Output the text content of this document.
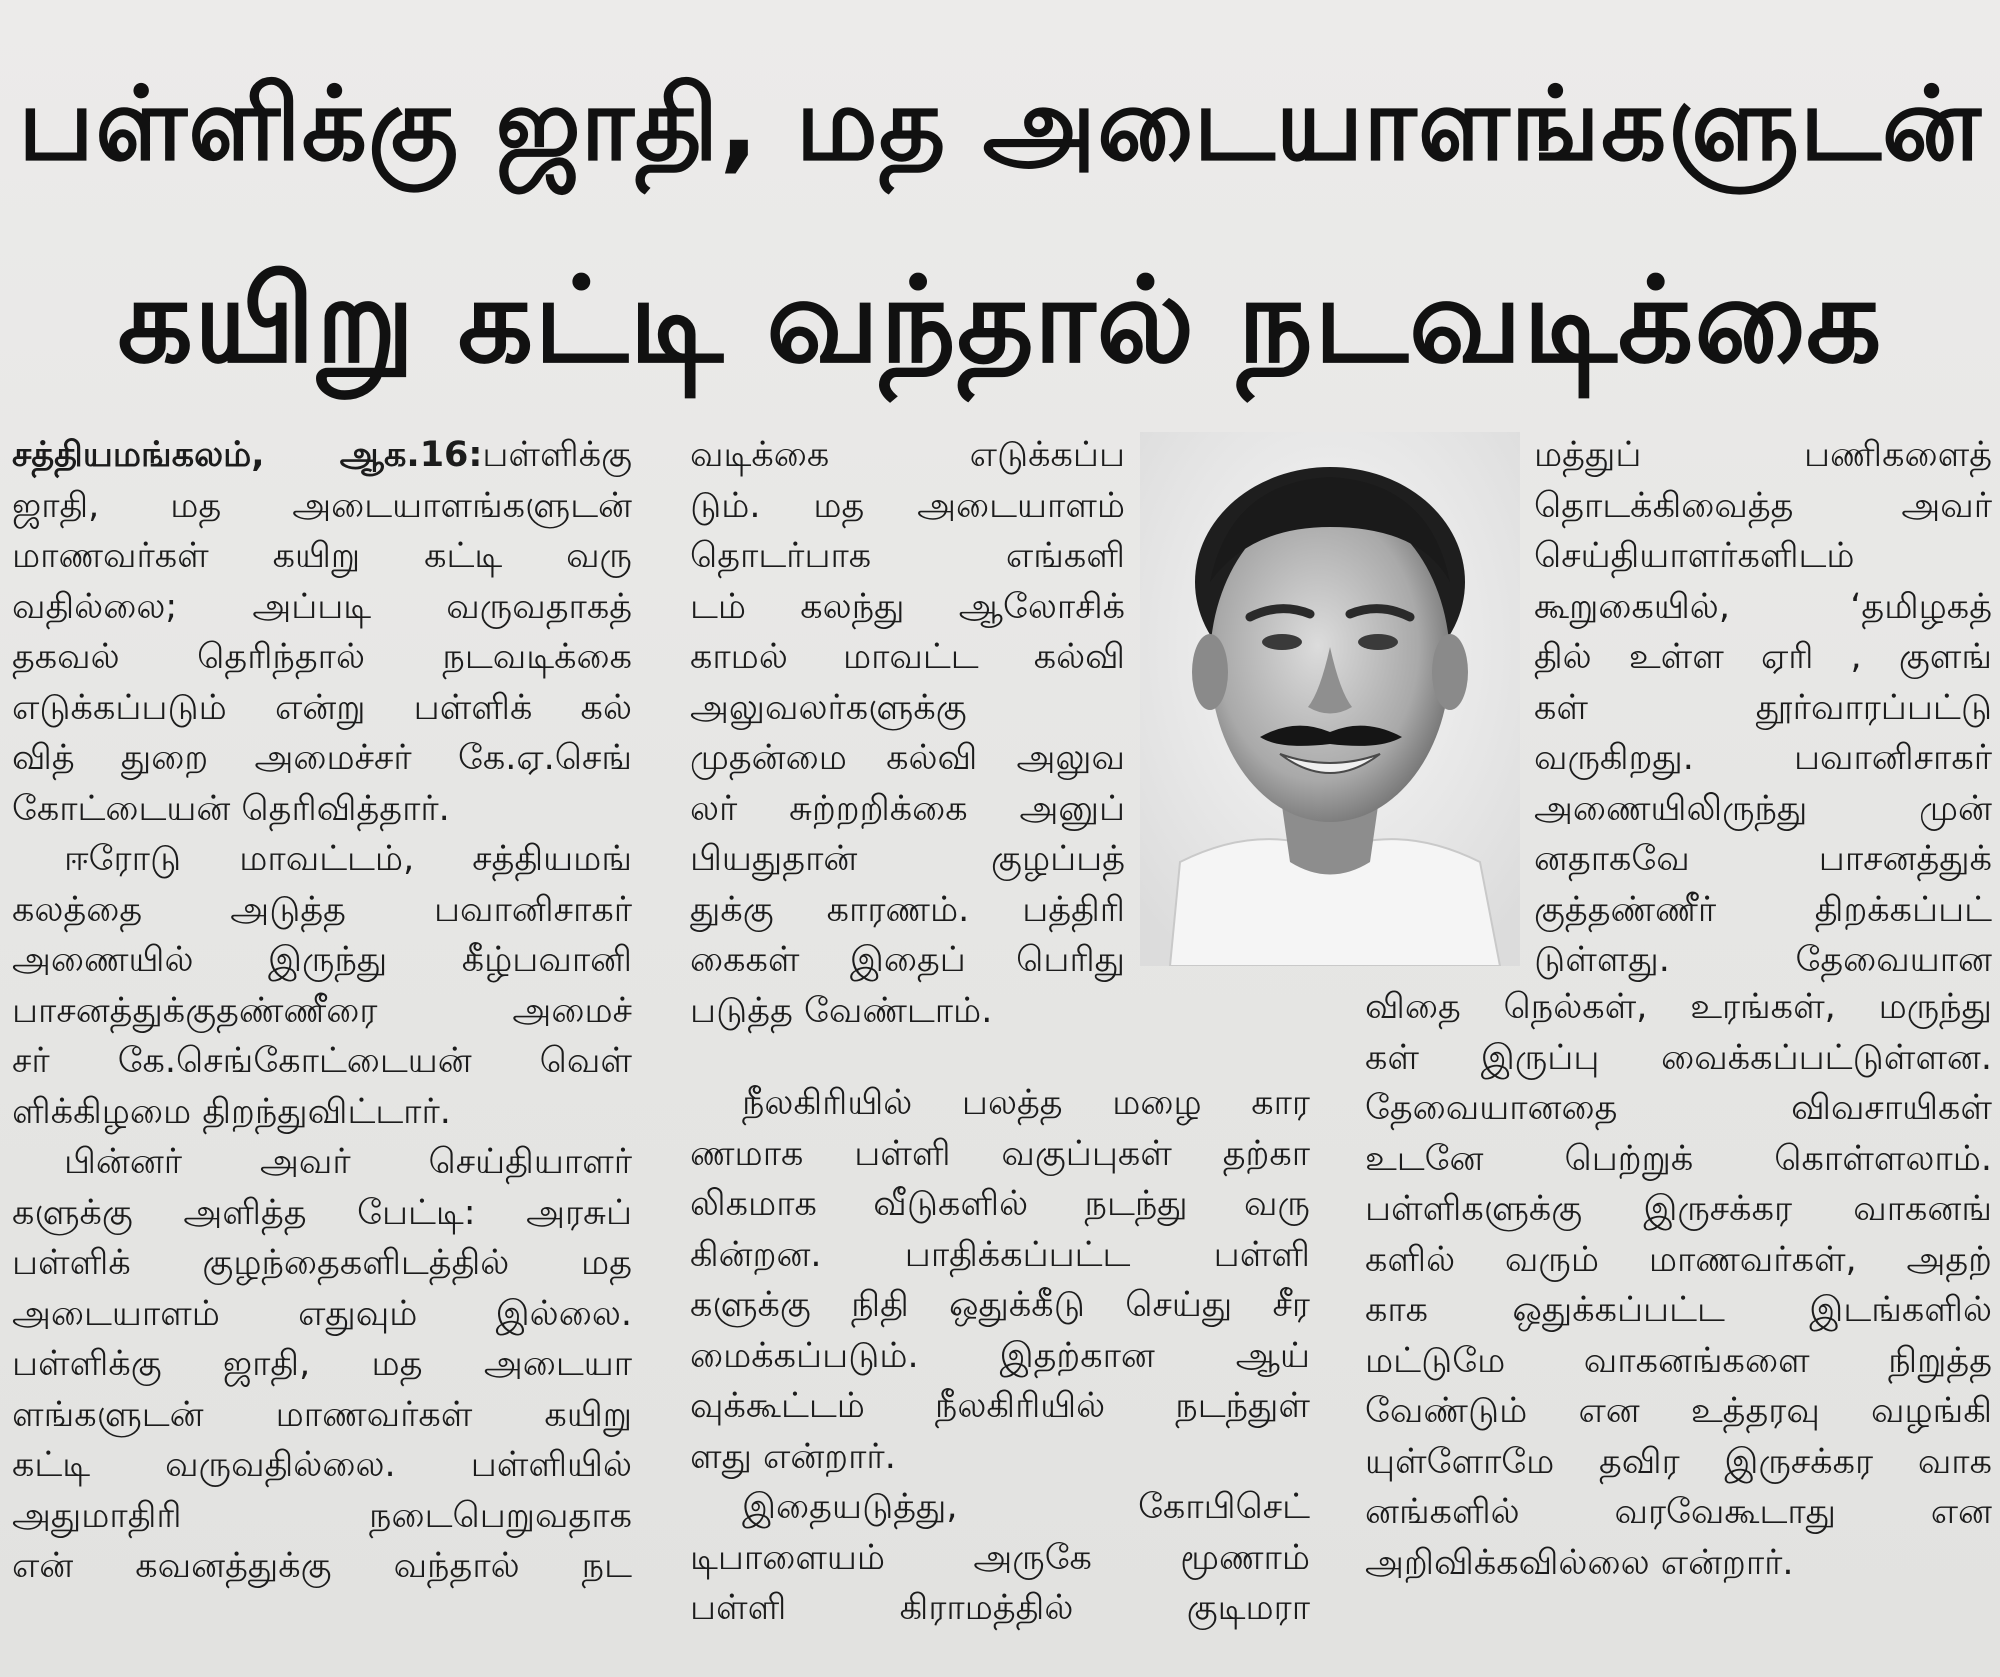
பள்ளிக்கு ஜாதி, மத அடையாளங்களுடன்
கயிறு கட்டி வந்தால் நடவடிக்கை
சத்தியமங்கலம், ஆக.16:பள்ளிக்கு
ஜாதி, மத அடையாளங்களுடன்
மாணவர்கள் கயிறு கட்டி வரு
வதில்லை; அப்படி வருவதாகத்
தகவல் தெரிந்தால் நடவடிக்கை
எடுக்கப்படும் என்று பள்ளிக் கல்
வித் துறை அமைச்சர் கே.ஏ.செங்
கோட்டையன் தெரிவித்தார்.
ஈரோடு மாவட்டம், சத்தியமங்
கலத்தை அடுத்த பவானிசாகர்
அணையில் இருந்து கீழ்பவானி
பாசனத்துக்குதண்ணீரை அமைச்
சர் கே.செங்கோட்டையன் வெள்
ளிக்கிழமை திறந்துவிட்டார்.
பின்னர் அவர் செய்தியாளர்
களுக்கு அளித்த பேட்டி: அரசுப்
பள்ளிக் குழந்தைகளிடத்தில் மத
அடையாளம் எதுவும் இல்லை.
பள்ளிக்கு ஜாதி, மத அடையா
ளங்களுடன் மாணவர்கள் கயிறு
கட்டி வருவதில்லை. பள்ளியில்
அதுமாதிரி நடைபெறுவதாக
என் கவனத்துக்கு வந்தால் நட
வடிக்கை எடுக்கப்ப
டும். மத அடையாளம்
தொடர்பாக எங்களி
டம் கலந்து ஆலோசிக்
காமல் மாவட்ட கல்வி
அலுவலர்களுக்கு
முதன்மை கல்வி அலுவ
லர் சுற்றறிக்கை அனுப்
பியதுதான் குழப்பத்
துக்கு காரணம். பத்திரி
கைகள் இதைப் பெரிது
படுத்த வேண்டாம்.
நீலகிரியில் பலத்த மழை கார
ணமாக பள்ளி வகுப்புகள் தற்கா
லிகமாக வீடுகளில் நடந்து வரு
கின்றன. பாதிக்கப்பட்ட பள்ளி
களுக்கு நிதி ஒதுக்கீடு செய்து சீர
மைக்கப்படும். இதற்கான ஆய்
வுக்கூட்டம் நீலகிரியில் நடந்துள்
ளது என்றார்.
இதையடுத்து, கோபிசெட்
டிபாளையம் அருகே மூணாம்
பள்ளி கிராமத்தில் குடிமரா
மத்துப் பணிகளைத்
தொடக்கிவைத்த அவர்
செய்தியாளர்களிடம்
கூறுகையில், ‘தமிழகத்
தில் உள்ள ஏரி , குளங்
கள் தூர்வாரப்பட்டு
வருகிறது. பவானிசாகர்
அணையிலிருந்து முன்
னதாகவே பாசனத்துக்
குத்தண்ணீர் திறக்கப்பட்
டுள்ளது. தேவையான
விதை நெல்கள், உரங்கள், மருந்து
கள் இருப்பு வைக்கப்பட்டுள்ளன.
தேவையானதை விவசாயிகள்
உடனே பெற்றுக் கொள்ளலாம்.
பள்ளிகளுக்கு இருசக்கர வாகனங்
களில் வரும் மாணவர்கள், அதற்
காக ஒதுக்கப்பட்ட இடங்களில்
மட்டுமே வாகனங்களை நிறுத்த
வேண்டும் என உத்தரவு வழங்கி
யுள்ளோமே தவிர இருசக்கர வாக
னங்களில் வரவேகூடாது என
அறிவிக்கவில்லை என்றார்.
